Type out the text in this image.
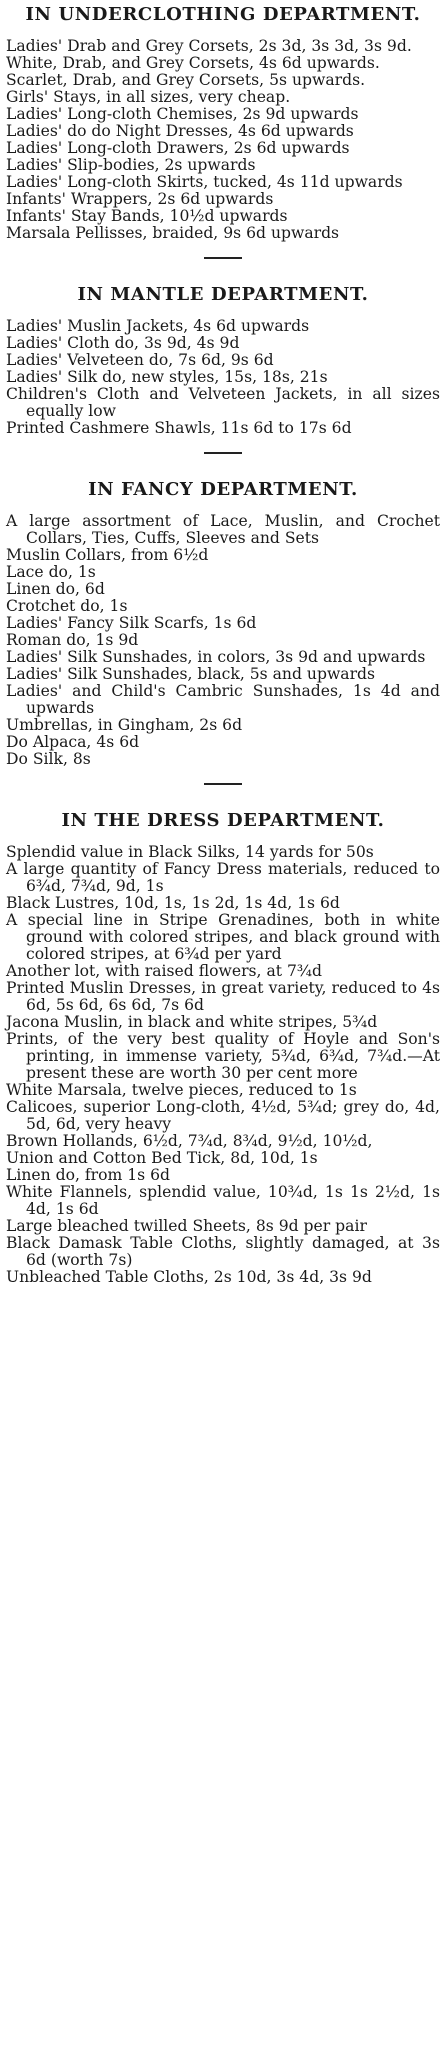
IN UNDERCLOTHING DEPARTMENT.
Ladies' Drab and Grey Corsets, 2s 3d, 3s 3d, 3s 9d.
White, Drab, and Grey Corsets, 4s 6d upwards.
Scarlet, Drab, and Grey Corsets, 5s upwards.
Girls' Stays, in all sizes, very cheap.
Ladies' Long-cloth Chemises, 2s 9d upwards
Ladies' do do Night Dresses, 4s 6d upwards
Ladies' Long-cloth Drawers, 2s 6d upwards
Ladies' Slip-bodies, 2s upwards
Ladies' Long-cloth Skirts, tucked, 4s 11d upwards
Infants' Wrappers, 2s 6d upwards
Infants' Stay Bands, 10½d upwards
Marsala Pellisses, braided, 9s 6d upwards
IN MANTLE DEPARTMENT.
Ladies' Muslin Jackets, 4s 6d upwards
Ladies' Cloth do, 3s 9d, 4s 9d
Ladies' Velveteen do, 7s 6d, 9s 6d
Ladies' Silk do, new styles, 15s, 18s, 21s
Children's Cloth and Velveteen Jackets, in all sizes equally low
Printed Cashmere Shawls, 11s 6d to 17s 6d
IN FANCY DEPARTMENT.
A large assortment of Lace, Muslin, and Crochet Collars, Ties, Cuffs, Sleeves and Sets
Muslin Collars, from 6½d
Lace do, 1s
Linen do, 6d
Crotchet do, 1s
Ladies' Fancy Silk Scarfs, 1s 6d
Roman do, 1s 9d
Ladies' Silk Sunshades, in colors, 3s 9d and upwards
Ladies' Silk Sunshades, black, 5s and upwards
Ladies' and Child's Cambric Sunshades, 1s 4d and upwards
Umbrellas, in Gingham, 2s 6d
Do Alpaca, 4s 6d
Do Silk, 8s
IN THE DRESS DEPARTMENT.
Splendid value in Black Silks, 14 yards for 50s
A large quantity of Fancy Dress materials, reduced to 6¾d, 7¾d, 9d, 1s
Black Lustres, 10d, 1s, 1s 2d, 1s 4d, 1s 6d
A special line in Stripe Grenadines, both in white ground with colored stripes, and black ground with colored stripes, at 6¾d per yard
Another lot, with raised flowers, at 7¾d
Printed Muslin Dresses, in great variety, reduced to 4s 6d, 5s 6d, 6s 6d, 7s 6d
Jacona Muslin, in black and white stripes, 5¾d
Prints, of the very best quality of Hoyle and Son's printing, in immense variety, 5¾d, 6¾d, 7¾d.—At present these are worth 30 per cent more
White Marsala, twelve pieces, reduced to 1s
Calicoes, superior Long-cloth, 4½d, 5¾d; grey do, 4d, 5d, 6d, very heavy
Brown Hollands, 6½d, 7¾d, 8¾d, 9½d, 10½d,
Union and Cotton Bed Tick, 8d, 10d, 1s
Linen do, from 1s 6d
White Flannels, splendid value, 10¾d, 1s 1s 2½d, 1s 4d, 1s 6d
Large bleached twilled Sheets, 8s 9d per pair
Black Damask Table Cloths, slightly damaged, at 3s 6d (worth 7s)
Unbleached Table Cloths, 2s 10d, 3s 4d, 3s 9d
